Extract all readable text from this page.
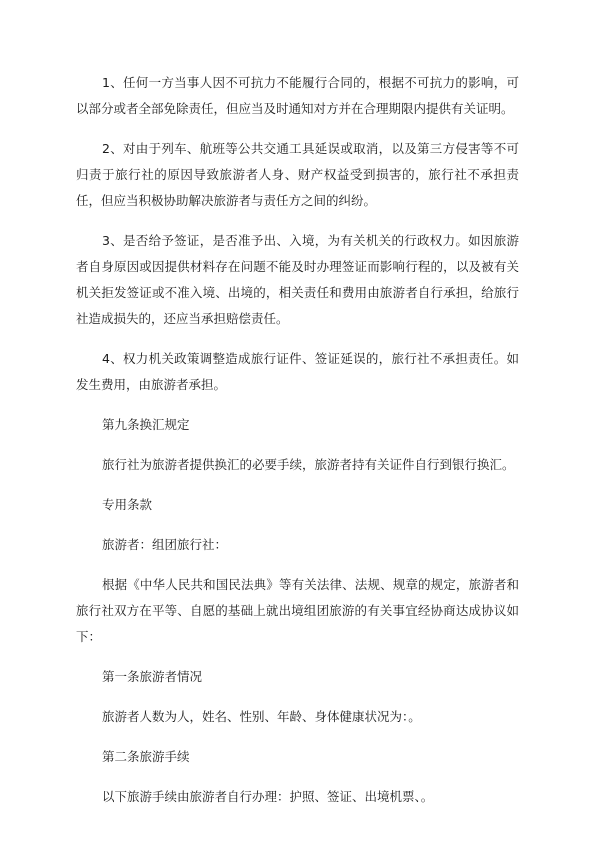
1、任何一方当事人因不可抗力不能履行合同的，根据不可抗力的影响，可以部分或者全部免除责任，但应当及时通知对方并在合理期限内提供有关证明。

2、对由于列车、航班等公共交通工具延误或取消，以及第三方侵害等不可归责于旅行社的原因导致旅游者人身、财产权益受到损害的，旅行社不承担责任，但应当积极协助解决旅游者与责任方之间的纠纷。

3、是否给予签证，是否准予出、入境，为有关机关的行政权力。如因旅游者自身原因或因提供材料存在问题不能及时办理签证而影响行程的，以及被有关机关拒发签证或不准入境、出境的，相关责任和费用由旅游者自行承担，给旅行社造成损失的，还应当承担赔偿责任。

4、权力机关政策调整造成旅行证件、签证延误的，旅行社不承担责任。如发生费用，由旅游者承担。

第九条换汇规定

旅行社为旅游者提供换汇的必要手续，旅游者持有关证件自行到银行换汇。

专用条款

旅游者：组团旅行社：

根据《中华人民共和国民法典》等有关法律、法规、规章的规定，旅游者和旅行社双方在平等、自愿的基础上就出境组团旅游的有关事宜经协商达成协议如下：

第一条旅游者情况

旅游者人数为人，姓名、性别、年龄、身体健康状况为：。

第二条旅游手续

以下旅游手续由旅游者自行办理：护照、签证、出境机票、。
